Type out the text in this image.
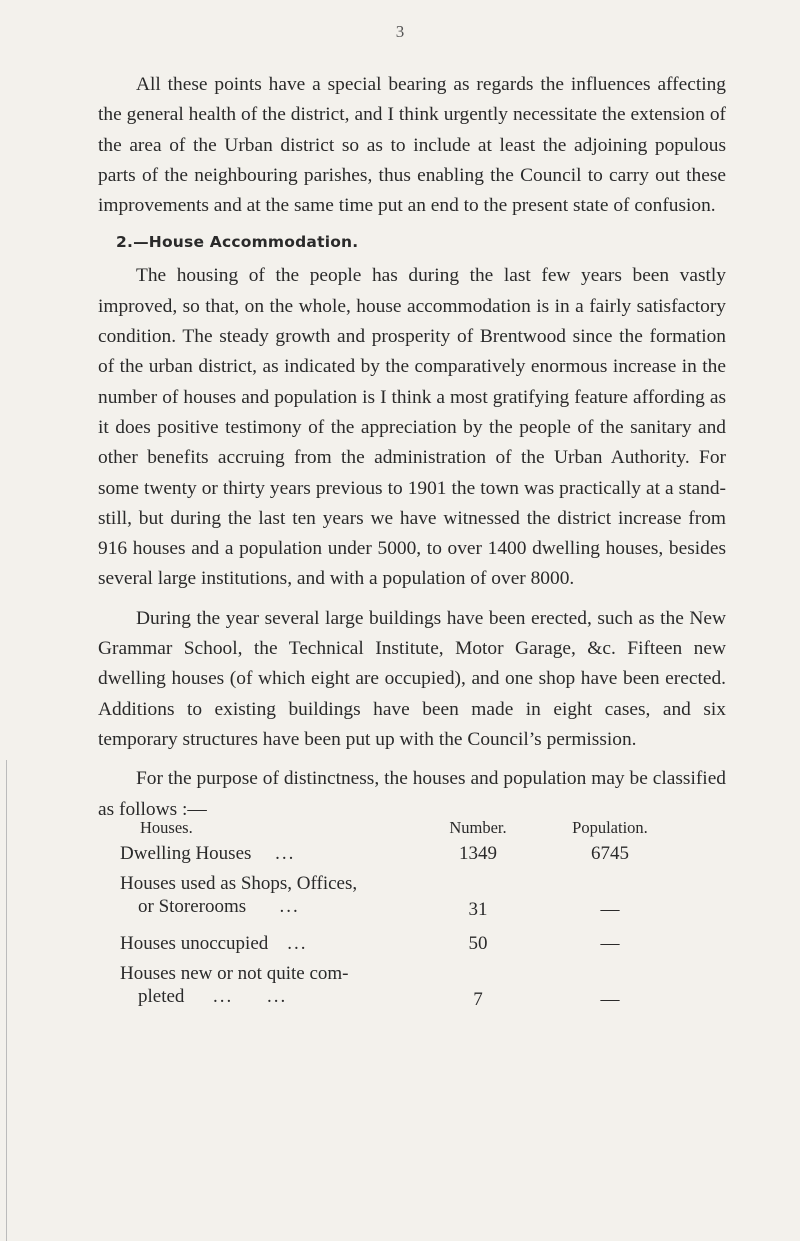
3

All these points have a special bearing as regards the influences affecting the general health of the district, and I think urgently necessitate the extension of the area of the Urban district so as to include at least the adjoining populous parts of the neighbouring parishes, thus enabling the Council to carry out these improvements and at the same time put an end to the present state of confusion.

2.—House Accommodation.

The housing of the people has during the last few years been vastly improved, so that, on the whole, house accommodation is in a fairly satisfactory condition. The steady growth and prosperity of Brentwood since the formation of the urban district, as indicated by the comparatively enormous increase in the number of houses and population is I think a most gratifying feature affording as it does positive testimony of the appreciation by the people of the sanitary and other benefits accruing from the administration of the Urban Authority. For some twenty or thirty years previous to 1901 the town was practically at a stand-still, but during the last ten years we have witnessed the district increase from 916 houses and a population under 5000, to over 1400 dwelling houses, besides several large institutions, and with a population of over 8000.

During the year several large buildings have been erected, such as the New Grammar School, the Technical Institute, Motor Garage, &c. Fifteen new dwelling houses (of which eight are occupied), and one shop have been erected. Additions to existing buildings have been made in eight cases, and six temporary structures have been put up with the Council’s permission.

For the purpose of distinctness, the houses and population may be classified as follows :—

Houses.	Number.	Population.
Dwelling Houses ...	1349	6745
Houses used as Shops, Offices,
or Storerooms ...	31	—
Houses unoccupied ...	50	—
Houses new or not quite com-
pleted ...     ...	7	—
